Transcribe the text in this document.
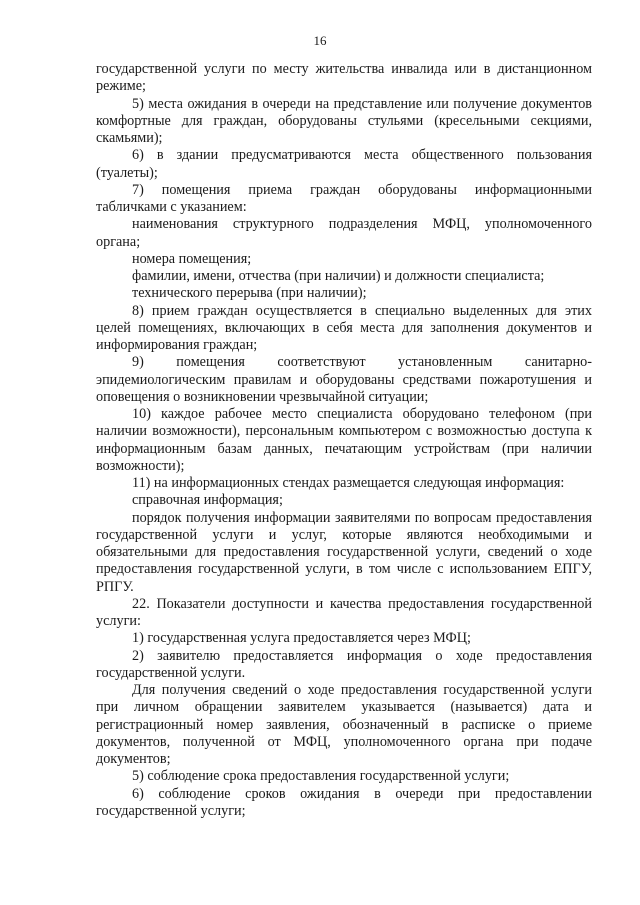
16

государственной услуги по месту жительства инвалида или в дистанционном режиме;

5) места ожидания в очереди на представление или получение документов комфортные для граждан, оборудованы стульями (кресельными секциями, скамьями);

6) в здании предусматриваются места общественного пользования (туалеты);

7) помещения приема граждан оборудованы информационными табличками с указанием:

наименования структурного подразделения МФЦ, уполномоченного органа;

номера помещения;

фамилии, имени, отчества (при наличии) и должности специалиста;

технического перерыва (при наличии);

8) прием граждан осуществляется в специально выделенных для этих целей помещениях, включающих в себя места для заполнения документов и информирования граждан;

9) помещения соответствуют установленным санитарно-эпидемиологическим правилам и оборудованы средствами пожаротушения и оповещения о возникновении чрезвычайной ситуации;

10) каждое рабочее место специалиста оборудовано телефоном (при наличии возможности), персональным компьютером с возможностью доступа к информационным базам данных, печатающим устройствам (при наличии возможности);

11) на информационных стендах размещается следующая информация:

справочная информация;

порядок получения информации заявителями по вопросам предоставления государственной услуги и услуг, которые являются необходимыми и обязательными для предоставления государственной услуги, сведений о ходе предоставления государственной услуги, в том числе с использованием ЕПГУ, РПГУ.

22. Показатели доступности и качества предоставления государственной услуги:

1) государственная услуга предоставляется через МФЦ;

2) заявителю предоставляется информация о ходе предоставления государственной услуги.

Для получения сведений о ходе предоставления государственной услуги при личном обращении заявителем указывается (называется) дата и регистрационный номер заявления, обозначенный в расписке о приеме документов, полученной от МФЦ, уполномоченного органа при подаче документов;

5) соблюдение срока предоставления государственной услуги;

6) соблюдение сроков ожидания в очереди при предоставлении государственной услуги;
